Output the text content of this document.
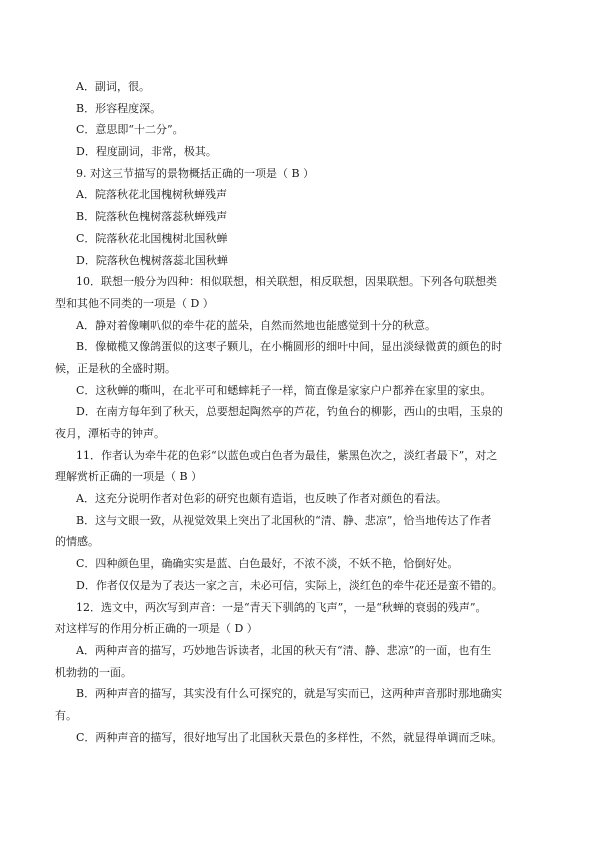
A．副词，很。
B．形容程度深。
C．意思即“十二分”。
D．程度副词，非常，极其。
9. 对这三节描写的景物概括正确的一项是（ B ）
A．院落秋花北国槐树秋蝉残声
B．院落秋色槐树落蕊秋蝉残声
C．院落秋花北国槐树北国秋蝉
D．院落秋色槐树落蕊北国秋蝉
10．联想一般分为四种：相似联想，相关联想，相反联想，因果联想。下列各句联想类
型和其他不同类的一项是（ D ）
A．静对着像喇叭似的牵牛花的蓝朵，自然而然地也能感觉到十分的秋意。
B．像橄榄又像鸽蛋似的这枣子颗儿，在小椭圆形的细叶中间，显出淡绿微黄的颜色的时
候，正是秋的全盛时期。
C．这秋蝉的嘶叫，在北平可和蟋蟀耗子一样，简直像是家家户户都养在家里的家虫。
D．在南方每年到了秋天，总要想起陶然亭的芦花，钓鱼台的柳影，西山的虫唱，玉泉的
夜月，潭柘寺的钟声。
11．作者认为牵牛花的色彩“以蓝色或白色者为最佳，紫黑色次之，淡红者最下”，对之
理解赏析正确的一项是（ B ）
A．这充分说明作者对色彩的研究也颇有造诣，也反映了作者对颜色的看法。
B．这与文眼一致，从视觉效果上突出了北国秋的“清、静、悲凉”，恰当地传达了作者
的情感。
C．四种颜色里，确确实实是蓝、白色最好，不浓不淡，不妖不艳，恰倒好处。
D．作者仅仅是为了表达一家之言，未必可信，实际上，淡红色的牵牛花还是蛮不错的。
12．选文中，两次写到声音：一是“青天下驯鸽的飞声”，一是“秋蝉的衰弱的残声”。
对这样写的作用分析正确的一项是（ D ）
A．两种声音的描写，巧妙地告诉读者，北国的秋天有“清、静、悲凉”的一面，也有生
机勃勃的一面。
B．两种声音的描写，其实没有什么可探究的，就是写实而已，这两种声音那时那地确实
有。
C．两种声音的描写，很好地写出了北国秋天景色的多样性，不然，就显得单调而乏味。
